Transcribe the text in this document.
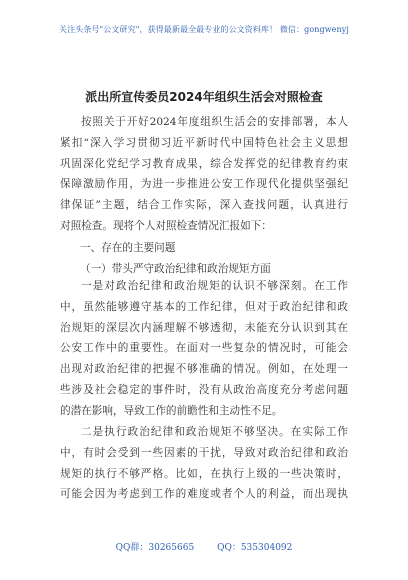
关注头条号"公文研究"，获得最新最全最专业的公文资料库！ 微信：gongwenyj
派出所宣传委员2024年组织生活会对照检查
按照关于开好2024年度组织生活会的安排部署，本人
紧扣“深入学习贯彻习近平新时代中国特色社会主义思想
巩固深化党纪学习教育成果，综合发挥党的纪律教育约束
保障激励作用，为进一步推进公安工作现代化提供坚强纪
律保证”主题，结合工作实际，深入查找问题，认真进行
对照检查。现将个人对照检查情况汇报如下：
一、存在的主要问题
（一）带头严守政治纪律和政治规矩方面
一是对政治纪律和政治规矩的认识不够深刻。在工作
中，虽然能够遵守基本的工作纪律，但对于政治纪律和政
治规矩的深层次内涵理解不够透彻，未能充分认识到其在
公安工作中的重要性。在面对一些复杂的情况时，可能会
出现对政治纪律的把握不够准确的情况。例如，在处理一
些涉及社会稳定的事件时，没有从政治高度充分考虑问题
的潜在影响，导致工作的前瞻性和主动性不足。
二是执行政治纪律和政治规矩不够坚决。在实际工作
中，有时会受到一些因素的干扰，导致对政治纪律和政治
规矩的执行不够严格。比如，在执行上级的一些决策时，
可能会因为考虑到工作的难度或者个人的利益，而出现执
QQ群：30265665	QQ：535304092
